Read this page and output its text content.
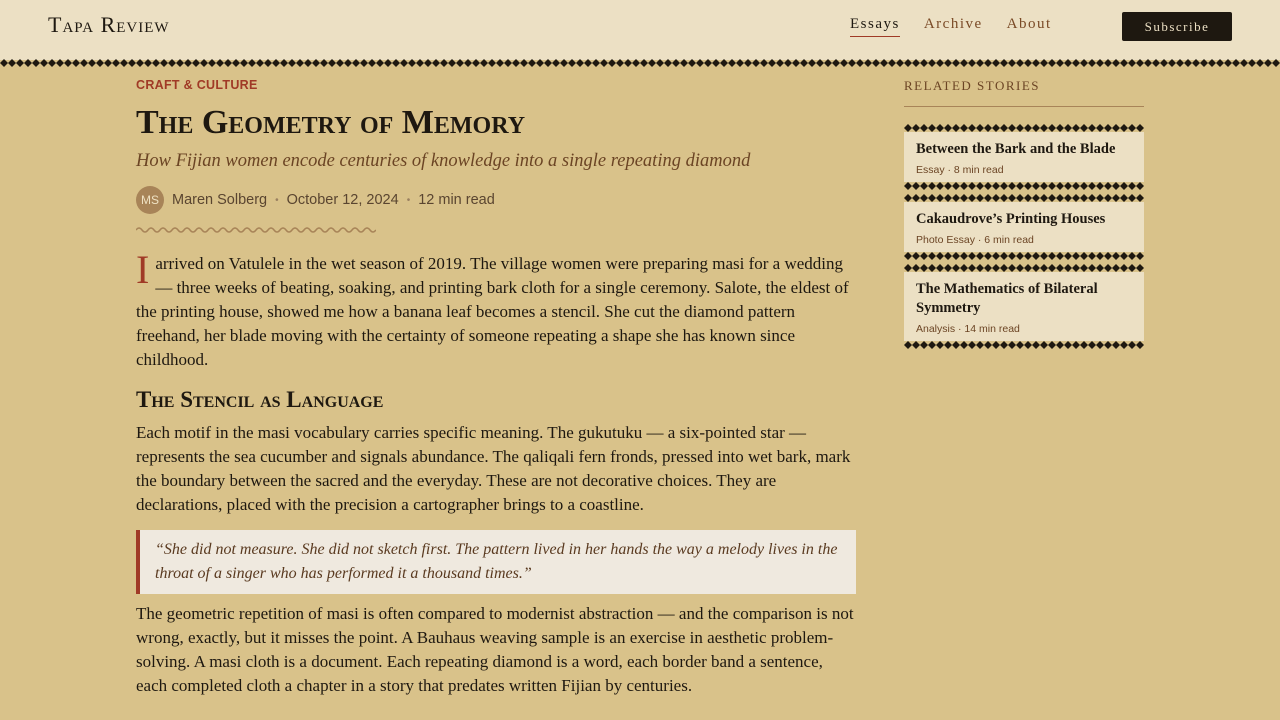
Tapa Review	Essays Archive About	Subscribe
CRAFT & CULTURE
The Geometry of Memory
How Fijian women encode centuries of knowledge into a single repeating diamond
MS Maren Solberg • October 12, 2024 • 12 min read

Iarrived on Vatulele in the wet season of 2019. The village women were preparing masi for a wedding — three weeks of beating, soaking, and printing bark cloth for a single ceremony. Salote, the eldest of the printing house, showed me how a banana leaf becomes a stencil. She cut the diamond pattern freehand, her blade moving with the certainty of someone repeating a shape she has known since childhood.

The Stencil as Language

Each motif in the masi vocabulary carries specific meaning. The gukutuku — a six-pointed star — represents the sea cucumber and signals abundance. The qaliqali fern fronds, pressed into wet bark, mark the boundary between the sacred and the everyday. These are not decorative choices. They are declarations, placed with the precision a cartographer brings to a coastline.

“She did not measure. She did not sketch first. The pattern lived in her hands the way a melody lives in the throat of a singer who has performed it a thousand times.”

The geometric repetition of masi is often compared to modernist abstraction — and the comparison is not wrong, exactly, but it misses the point. A Bauhaus weaving sample is an exercise in aesthetic problem-solving. A masi cloth is a document. Each repeating diamond is a word, each border band a sentence, each completed cloth a chapter in a story that predates written Fijian by centuries.

RELATED STORIES
Between the Bark and the Blade
Essay · 8 min read
Cakaudrove’s Printing Houses
Photo Essay · 6 min read
The Mathematics of Bilateral Symmetry
Analysis · 14 min read
